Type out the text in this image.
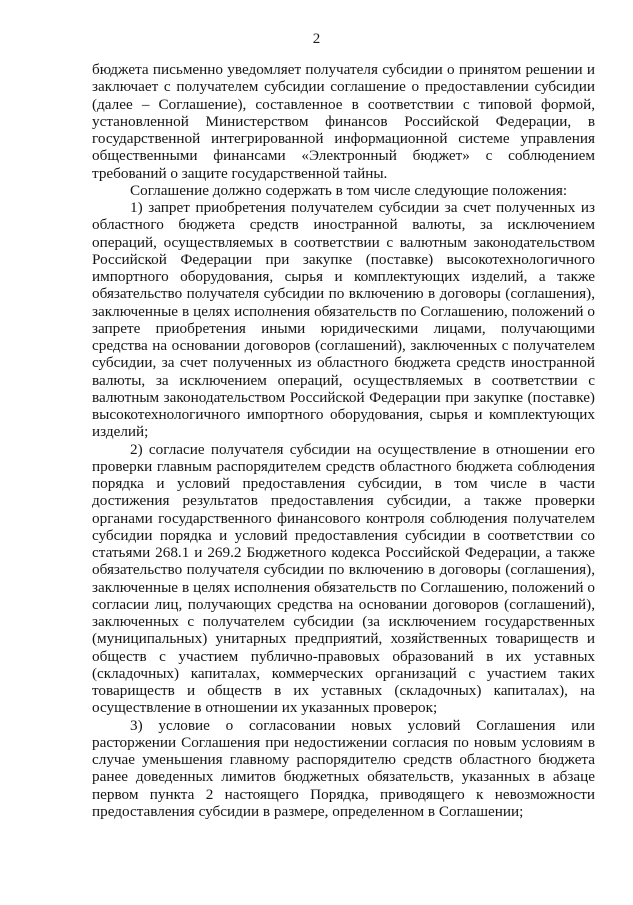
2

бюджета письменно уведомляет получателя субсидии о принятом решении и заключает с получателем субсидии соглашение о предоставлении субсидии (далее – Соглашение), составленное в соответствии с типовой формой, установленной Министерством финансов Российской Федерации, в государственной интегрированной информационной системе управления общественными финансами «Электронный бюджет» с соблюдением требований о защите государственной тайны.

Соглашение должно содержать в том числе следующие положения:

1) запрет приобретения получателем субсидии за счет полученных из областного бюджета средств иностранной валюты, за исключением операций, осуществляемых в соответствии с валютным законодательством Российской Федерации при закупке (поставке) высокотехнологичного импортного оборудования, сырья и комплектующих изделий, а также обязательство получателя субсидии по включению в договоры (соглашения), заключенные в целях исполнения обязательств по Соглашению, положений о запрете приобретения иными юридическими лицами, получающими средства на основании договоров (соглашений), заключенных с получателем субсидии, за счет полученных из областного бюджета средств иностранной валюты, за исключением операций, осуществляемых в соответствии с валютным законодательством Российской Федерации при закупке (поставке) высокотехнологичного импортного оборудования, сырья и комплектующих изделий;

2) согласие получателя субсидии на осуществление в отношении его проверки главным распорядителем средств областного бюджета соблюдения порядка и условий предоставления субсидии, в том числе в части достижения результатов предоставления субсидии, а также проверки органами государственного финансового контроля соблюдения получателем субсидии порядка и условий предоставления субсидии в соответствии со статьями 268.1 и 269.2 Бюджетного кодекса Российской Федерации, а также обязательство получателя субсидии по включению в договоры (соглашения), заключенные в целях исполнения обязательств по Соглашению, положений о согласии лиц, получающих средства на основании договоров (соглашений), заключенных с получателем субсидии (за исключением государственных (муниципальных) унитарных предприятий, хозяйственных товариществ и обществ с участием публично-правовых образований в их уставных (складочных) капиталах, коммерческих организаций с участием таких товариществ и обществ в их уставных (складочных) капиталах), на осуществление в отношении их указанных проверок;

3) условие о согласовании новых условий Соглашения или расторжении Соглашения при недостижении согласия по новым условиям в случае уменьшения главному распорядителю средств областного бюджета ранее доведенных лимитов бюджетных обязательств, указанных в абзаце первом пункта 2 настоящего Порядка, приводящего к невозможности предоставления субсидии в размере, определенном в Соглашении;
